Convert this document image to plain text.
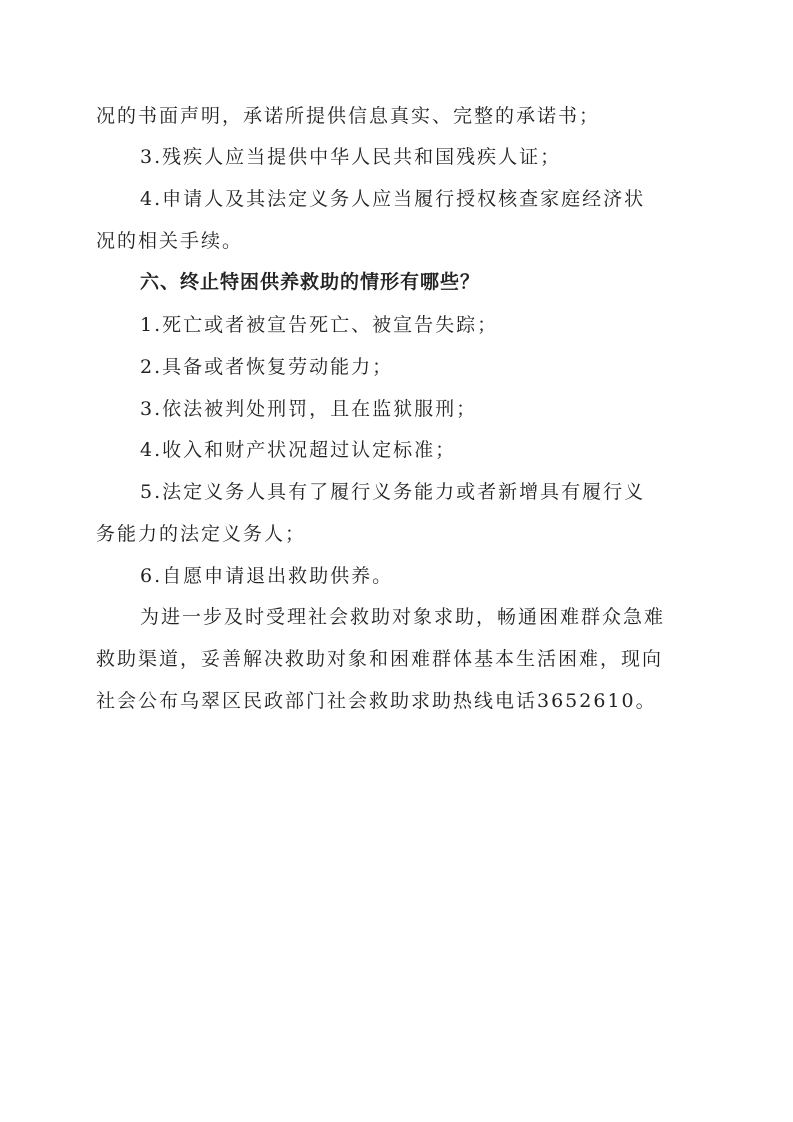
况的书面声明，承诺所提供信息真实、完整的承诺书；
3.残疾人应当提供中华人民共和国残疾人证；
4.申请人及其法定义务人应当履行授权核查家庭经济状
况的相关手续。
六、终止特困供养救助的情形有哪些？
1.死亡或者被宣告死亡、被宣告失踪；
2.具备或者恢复劳动能力；
3.依法被判处刑罚，且在监狱服刑；
4.收入和财产状况超过认定标准；
5.法定义务人具有了履行义务能力或者新增具有履行义
务能力的法定义务人；
6.自愿申请退出救助供养。
为进一步及时受理社会救助对象求助，畅通困难群众急难
救助渠道，妥善解决救助对象和困难群体基本生活困难，现向
社会公布乌翠区民政部门社会救助求助热线电话3652610。
